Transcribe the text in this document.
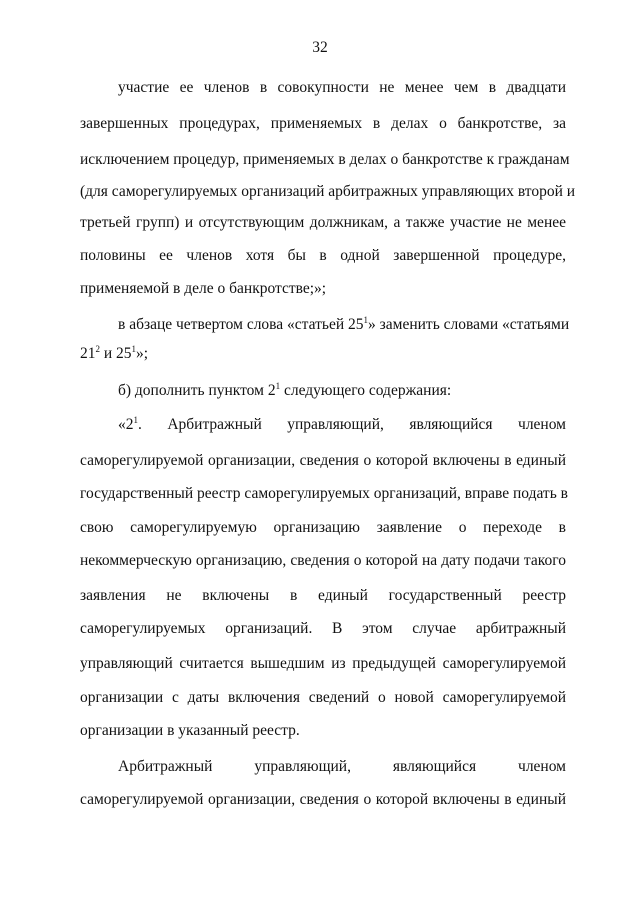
32
участие ее членов в совокупности не менее чем в двадцати
завершенных процедурах, применяемых в делах о банкротстве, за
исключением процедур, применяемых в делах о банкротстве к гражданам
(для саморегулируемых организаций арбитражных управляющих второй и
третьей групп) и отсутствующим должникам, а также участие не менее
половины ее членов хотя бы в одной завершенной процедуре,
применяемой в деле о банкротстве;»;
в абзаце четвертом слова «статьей $25^1$» заменить словами «статьями
$21^2$ и $25^1$»;
б) дополнить пунктом $2^1$ следующего содержания:
«$2^1$. Арбитражный управляющий, являющийся членом
саморегулируемой организации, сведения о которой включены в единый
государственный реестр саморегулируемых организаций, вправе подать в
свою саморегулируемую организацию заявление о переходе в
некоммерческую организацию, сведения о которой на дату подачи такого
заявления не включены в единый государственный реестр
саморегулируемых организаций. В этом случае арбитражный
управляющий считается вышедшим из предыдущей саморегулируемой
организации с даты включения сведений о новой саморегулируемой
организации в указанный реестр.
Арбитражный управляющий, являющийся членом
саморегулируемой организации, сведения о которой включены в единый
